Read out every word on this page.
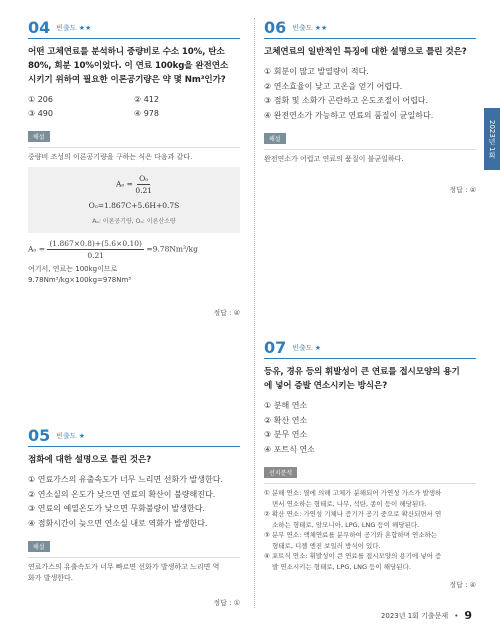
04 빈출도 ★★
어떤 고체연료를 분석하니 중량비로 수소 10%, 탄소
80%, 회분 10%이었다. 이 연료 100kg을 완전연소
시키기 위하여 필요한 이론공기량은 약 몇 Nm³인가?
① 206	② 412
③ 490	④ 978
해설
중량비 조성의 이론공기량을 구하는 식은 다음과 같다.
$A_o = \frac{\text{Oₒ}}{0.21}$
Oₒ=1.867C+5.6H+0.7S
Aₒ: 이론공기량, Oₒ: 이론산소량
$A_o = \frac{(1.867\times 0.8)+(5.6\times 0.10)}{0.21} =9.78Nm^3/kg$
여기서, 연료는 100kg이므로
9.78Nm³/kg×100kg=978Nm³
정답 : ④
05 빈출도 ★
점화에 대한 설명으로 틀린 것은?
① 연료가스의 유출속도가 너무 느리면 선화가 발생한다.
② 연소실의 온도가 낮으면 연료의 확산이 불량해진다.
③ 연료의 예열온도가 낮으면 무화불량이 발생한다.
④ 점화시간이 늦으면 연소실 내로 역화가 발생한다.
해설
연료가스의 유출속도가 너무 빠르면 선화가 발생하고 느리면 역
화가 발생한다.
정답 : ①
06 빈출도 ★★
고체연료의 일반적인 특징에 대한 설명으로 틀린 것은?
① 회분이 많고 발열량이 적다.
② 연소효율이 낮고 고온을 얻기 어렵다.
③ 점화 및 소화가 곤란하고 온도조절이 어렵다.
④ 완전연소가 가능하고 연료의 품질이 균일하다.
해설
완전연소가 어렵고 연료의 품질이 불균일하다.
정답 : ④
07 빈출도 ★
등유, 경유 등의 휘발성이 큰 연료를 접시모양의 용기
에 넣어 증발 연소시키는 방식은?
① 분해 연소
② 확산 연소
③ 분무 연소
④ 포트식 연소
선지분석
① 분해 연소: 열에 의해 고체가 분해되어 가연성 가스가 발생하
면서 연소하는 형태로, 나무, 석탄, 종이 등이 해당된다.
② 확산 연소: 가연성 기체나 증기가 공기 중으로 확산되면서 연
소하는 형태로, 암모니아, LPG, LNG 등이 해당된다.
③ 분무 연소: 액체연료를 분무하여 공기와 혼합하며 연소하는
형태로, 디젤 엔진 보일러 방식이 있다.
④ 포트식 연소: 휘발성이 큰 연료를 접시모양의 용기에 넣어 증
발 연소시키는 형태로, LPG, LNG 등이 해당된다.
정답 : ④
2023년 1회
2023년 1회 기출문제 • 9
